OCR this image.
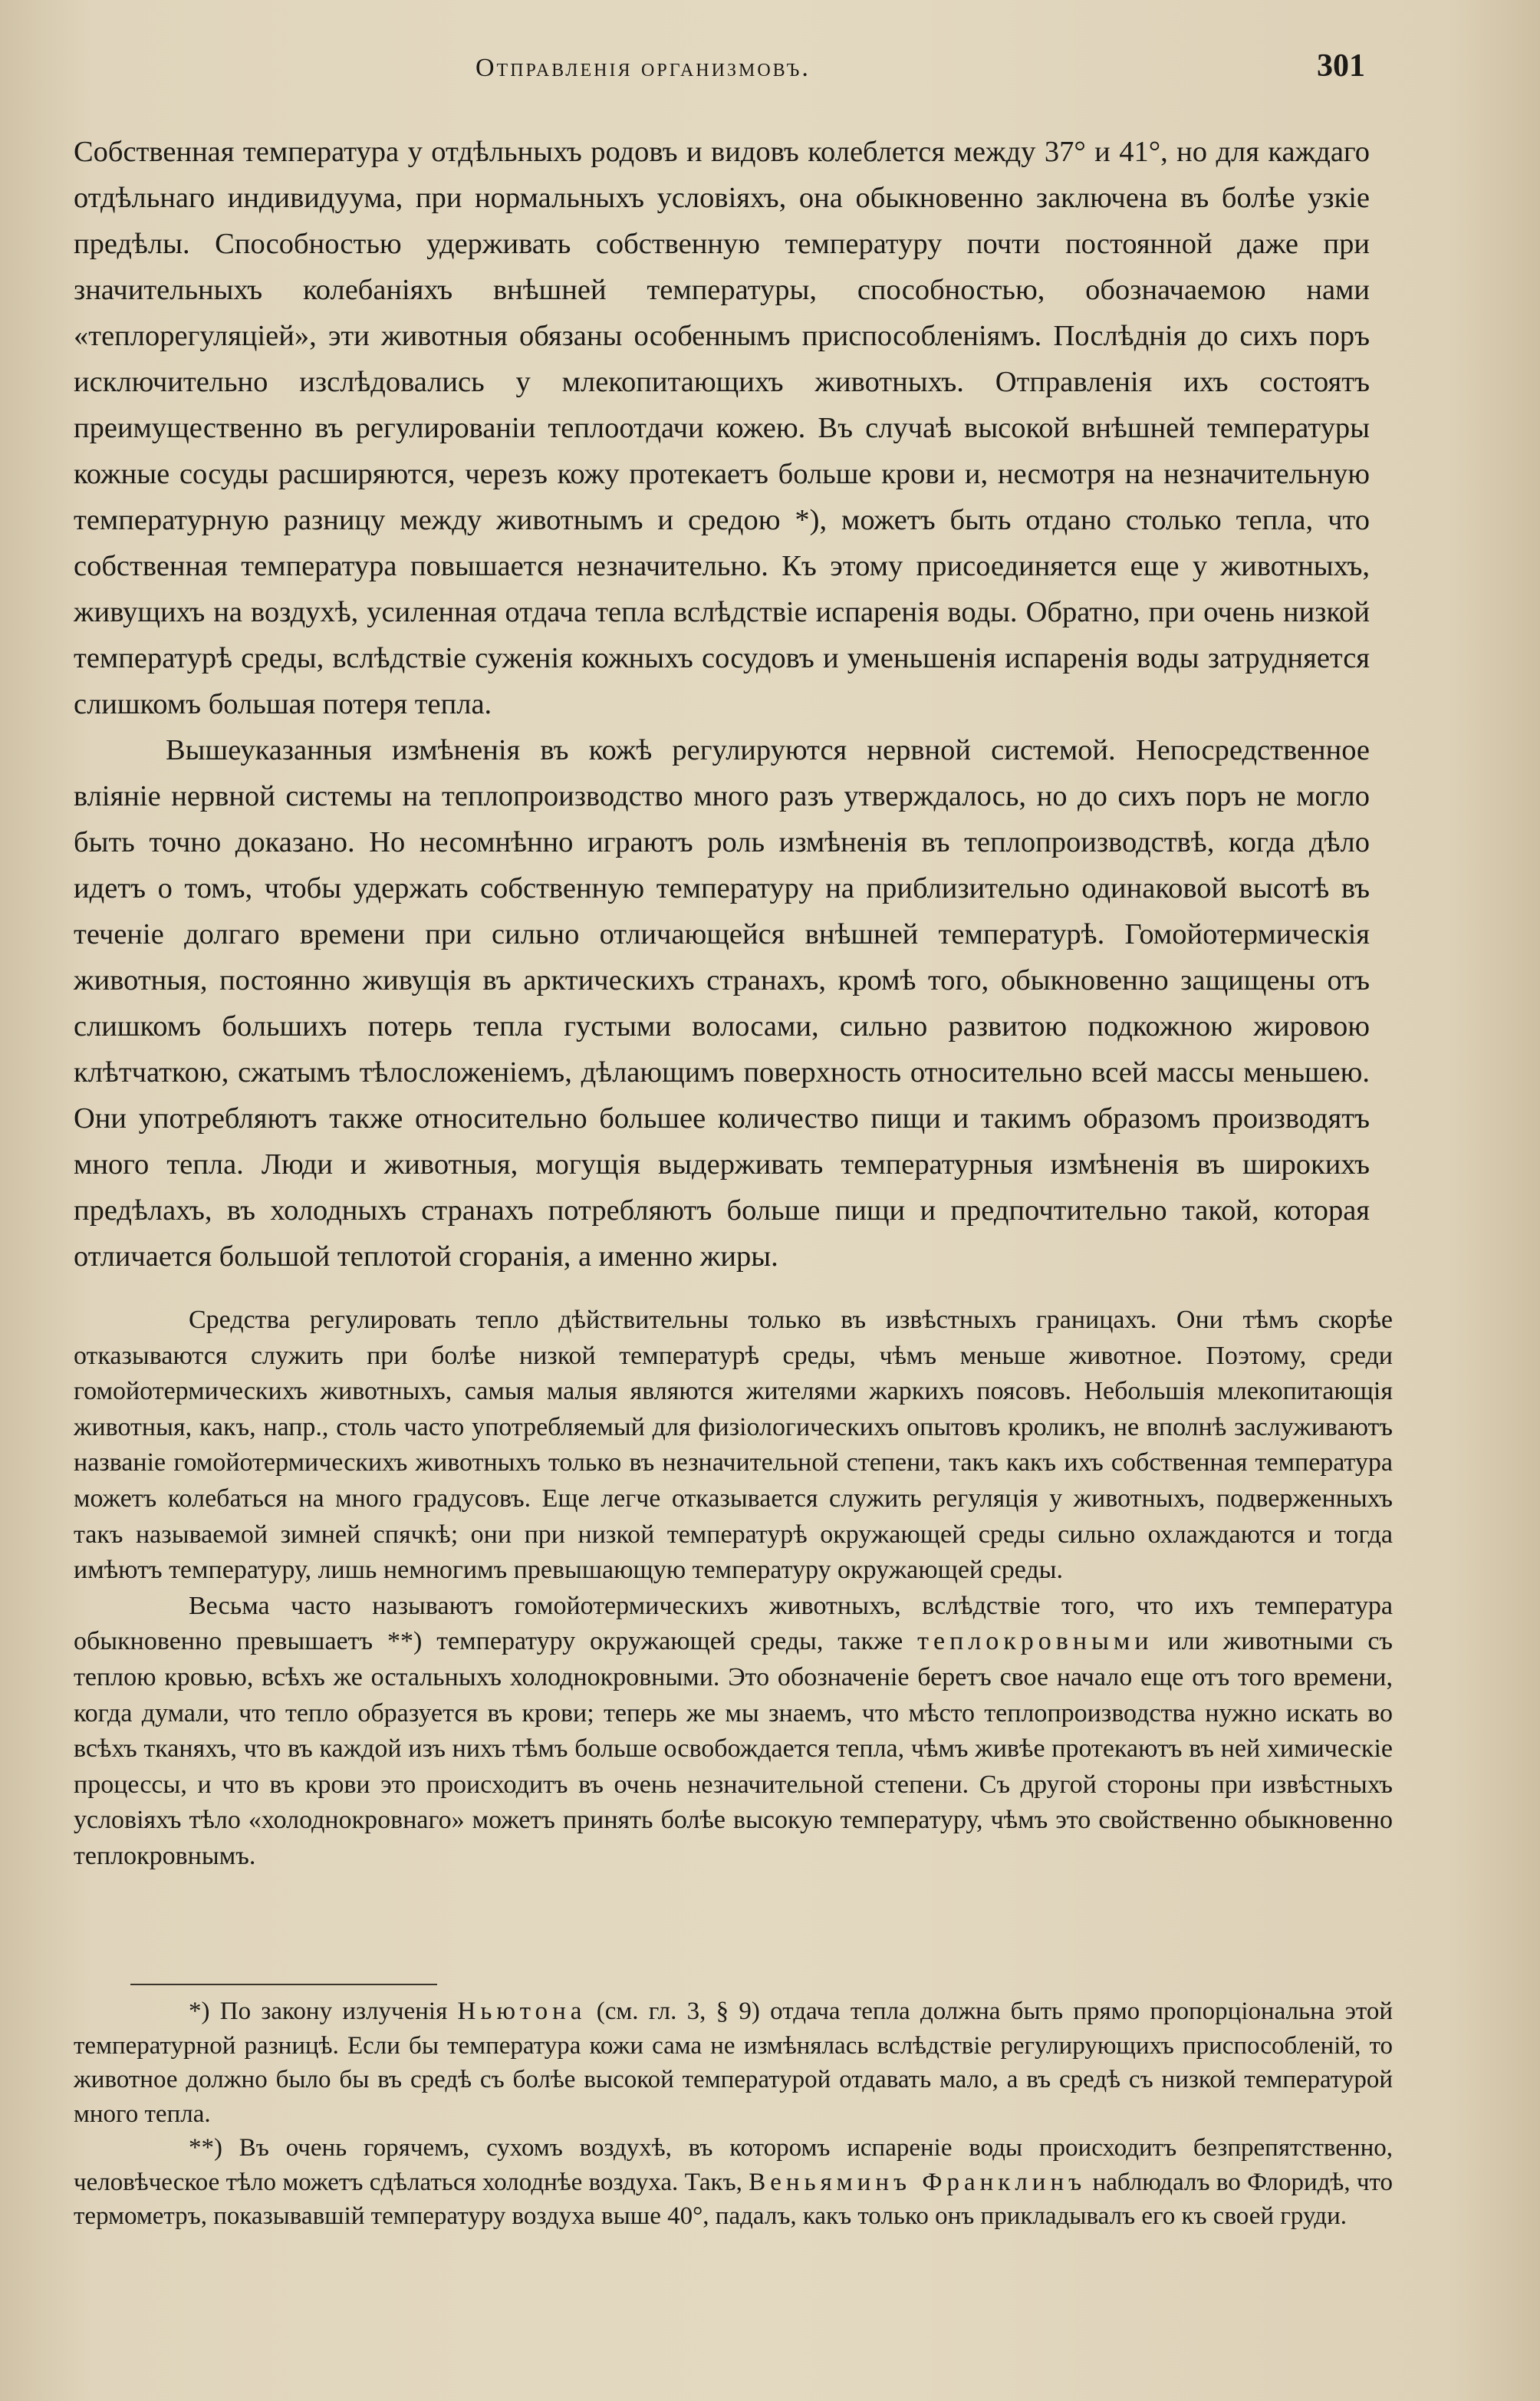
Отправленія организмовъ.	301

Собственная температура у отдѣльныхъ родовъ и видовъ колеблется между 37° и 41°, но для каждаго отдѣльнаго индивидуума, при нормальныхъ условіяхъ, она обыкновенно заключена въ болѣе узкіе предѣлы. Способностью удерживать собственную температуру почти постоянной даже при значительныхъ колебаніяхъ внѣшней температуры, способностью, обозначаемою нами «теплорегуляціей», эти животныя обязаны особеннымъ приспособленіямъ. Послѣднія до сихъ поръ исключительно изслѣдовались у млекопитающихъ животныхъ. Отправленія ихъ состоятъ преимущественно въ регулированіи теплоотдачи кожею. Въ случаѣ высокой внѣшней температуры кожные сосуды расширяются, черезъ кожу протекаетъ больше крови и, несмотря на незначительную температурную разницу между животнымъ и средою *), можетъ быть отдано столько тепла, что собственная температура повышается незначительно. Къ этому присоединяется еще у животныхъ, живущихъ на воздухѣ, усиленная отдача тепла вслѣдствіе испаренія воды. Обратно, при очень низкой температурѣ среды, вслѣдствіе суженія кожныхъ сосудовъ и уменьшенія испаренія воды затрудняется слишкомъ большая потеря тепла.

Вышеуказанныя измѣненія въ кожѣ регулируются нервной системой. Непосредственное вліяніе нервной системы на теплопроизводство много разъ утверждалось, но до сихъ поръ не могло быть точно доказано. Но несомнѣнно играютъ роль измѣненія въ теплопроизводствѣ, когда дѣло идетъ о томъ, чтобы удержать собственную температуру на приблизительно одинаковой высотѣ въ теченіе долгаго времени при сильно отличающейся внѣшней температурѣ. Гомойотермическія животныя, постоянно живущія въ арктическихъ странахъ, кромѣ того, обыкновенно защищены отъ слишкомъ большихъ потерь тепла густыми волосами, сильно развитою подкожною жировою клѣтчаткою, сжатымъ тѣлосложеніемъ, дѣлающимъ поверхность относительно всей массы меньшею. Они употребляютъ также относительно большее количество пищи и такимъ образомъ производятъ много тепла. Люди и животныя, могущія выдерживать температурныя измѣненія въ широкихъ предѣлахъ, въ холодныхъ странахъ потребляютъ больше пищи и предпочтительно такой, которая отличается большой теплотой сгоранія, а именно жиры.

Средства регулировать тепло дѣйствительны только въ извѣстныхъ границахъ. Они тѣмъ скорѣе отказываются служить при болѣе низкой температурѣ среды, чѣмъ меньше животное. Поэтому, среди гомойотермическихъ животныхъ, самыя малыя являются жителями жаркихъ поясовъ. Небольшія млекопитающія животныя, какъ, напр., столь часто употребляемый для физіологическихъ опытовъ кроликъ, не вполнѣ заслуживаютъ названіе гомойотермическихъ животныхъ только въ незначительной степени, такъ какъ ихъ собственная температура можетъ колебаться на много градусовъ. Еще легче отказывается служить регуляція у животныхъ, подверженныхъ такъ называемой зимней спячкѣ; они при низкой температурѣ окружающей среды сильно охлаждаются и тогда имѣютъ температуру, лишь немногимъ превышающую температуру окружающей среды.

Весьма часто называютъ гомойотермическихъ животныхъ, вслѣдствіе того, что ихъ температура обыкновенно превышаетъ **) температуру окружающей среды, также теплокровными или животными съ теплою кровью, всѣхъ же остальныхъ холоднокровными. Это обозначеніе беретъ свое начало еще отъ того времени, когда думали, что тепло образуется въ крови; теперь же мы знаемъ, что мѣсто теплопроизводства нужно искать во всѣхъ тканяхъ, что въ каждой изъ нихъ тѣмъ больше освобождается тепла, чѣмъ живѣе протекаютъ въ ней химическіе процессы, и что въ крови это происходитъ въ очень незначительной степени. Съ другой стороны при извѣстныхъ условіяхъ тѣло «холоднокровнаго» можетъ принять болѣе высокую температуру, чѣмъ это свойственно обыкновенно теплокровнымъ.

*) По закону излученія Ньютона (см. гл. 3, § 9) отдача тепла должна быть прямо пропорціональна этой температурной разницѣ. Если бы температура кожи сама не измѣнялась вслѣдствіе регулирующихъ приспособленій, то животное должно было бы въ средѣ съ болѣе высокой температурой отдавать мало, а въ средѣ съ низкой температурой много тепла.

**) Въ очень горячемъ, сухомъ воздухѣ, въ которомъ испареніе воды происходитъ безпрепятственно, человѣческое тѣло можетъ сдѣлаться холоднѣе воздуха. Такъ, Веньяминъ Франклинъ наблюдалъ во Флоридѣ, что термометръ, показывавшій температуру воздуха выше 40°, падалъ, какъ только онъ прикладывалъ его къ своей груди.
